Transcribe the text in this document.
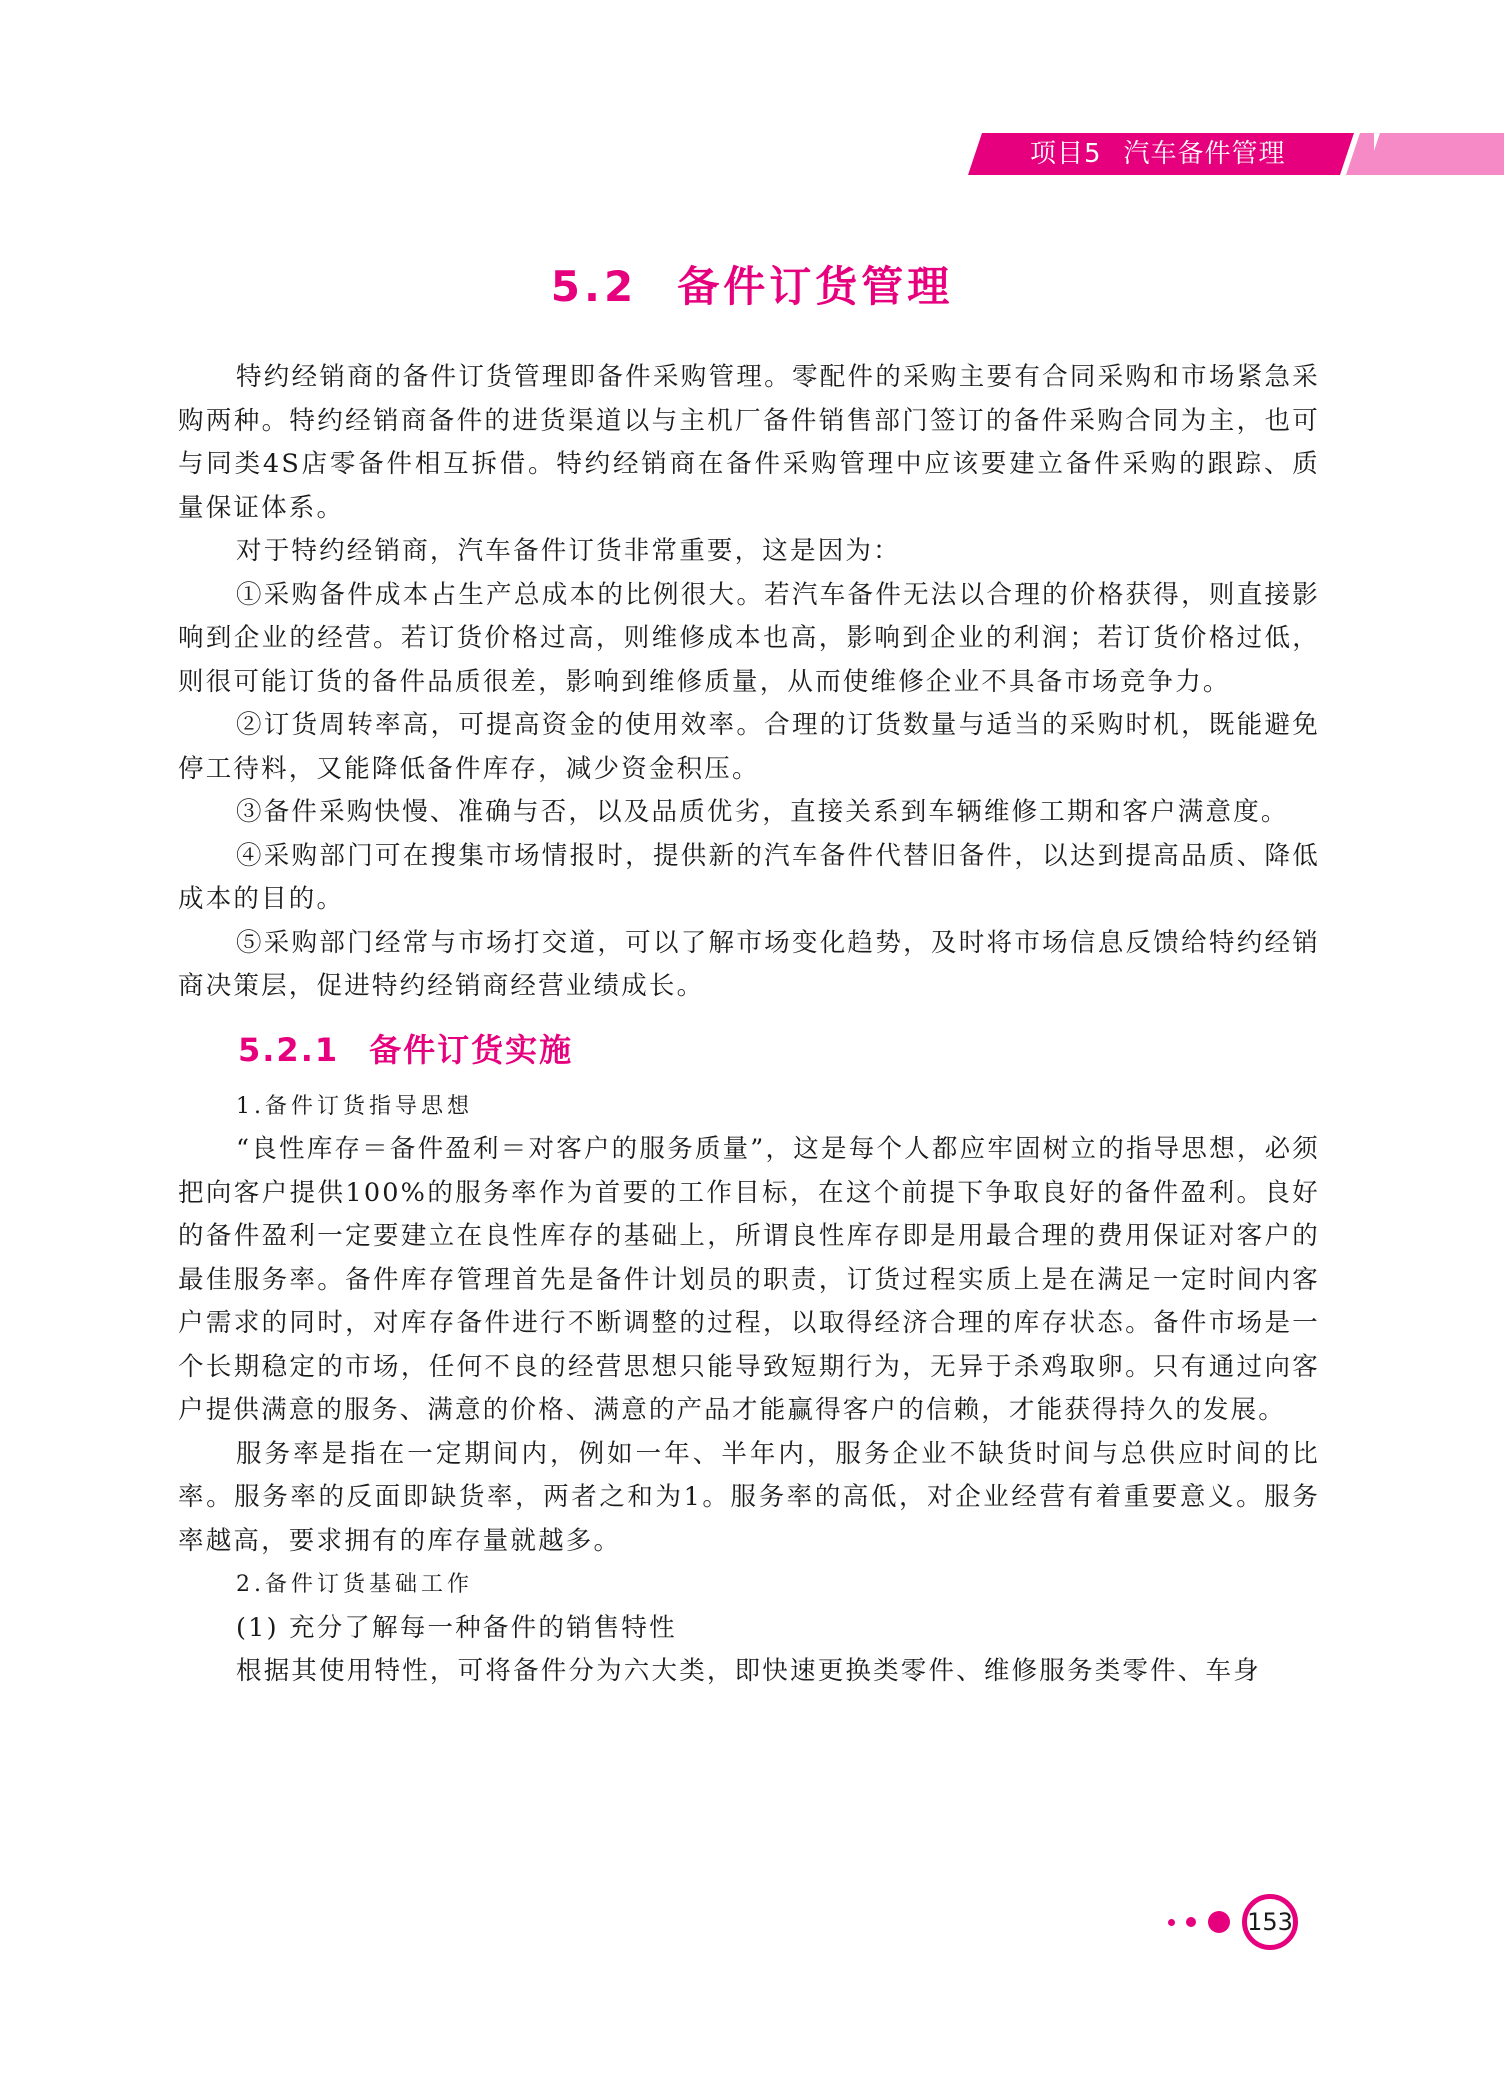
项目5 汽车备件管理
5.2 备件订货管理

特约经销商的备件订货管理即备件采购管理。零配件的采购主要有合同采购和市场紧急采购两种。特约经销商备件的进货渠道以与主机厂备件销售部门签订的备件采购合同为主，也可与同类4S店零备件相互拆借。特约经销商在备件采购管理中应该要建立备件采购的跟踪、质量保证体系。

对于特约经销商，汽车备件订货非常重要，这是因为：

①采购备件成本占生产总成本的比例很大。若汽车备件无法以合理的价格获得，则直接影响到企业的经营。若订货价格过高，则维修成本也高，影响到企业的利润；若订货价格过低，则很可能订货的备件品质很差，影响到维修质量，从而使维修企业不具备市场竞争力。

②订货周转率高，可提高资金的使用效率。合理的订货数量与适当的采购时机，既能避免停工待料，又能降低备件库存，减少资金积压。

③备件采购快慢、准确与否，以及品质优劣，直接关系到车辆维修工期和客户满意度。

④采购部门可在搜集市场情报时，提供新的汽车备件代替旧备件，以达到提高品质、降低成本的目的。

⑤采购部门经常与市场打交道，可以了解市场变化趋势，及时将市场信息反馈给特约经销商决策层，促进特约经销商经营业绩成长。

5.2.1 备件订货实施

1.备件订货指导思想

“良性库存＝备件盈利＝对客户的服务质量”，这是每个人都应牢固树立的指导思想，必须把向客户提供100%的服务率作为首要的工作目标，在这个前提下争取良好的备件盈利。良好的备件盈利一定要建立在良性库存的基础上，所谓良性库存即是用最合理的费用保证对客户的最佳服务率。备件库存管理首先是备件计划员的职责，订货过程实质上是在满足一定时间内客户需求的同时，对库存备件进行不断调整的过程，以取得经济合理的库存状态。备件市场是一个长期稳定的市场，任何不良的经营思想只能导致短期行为，无异于杀鸡取卵。只有通过向客户提供满意的服务、满意的价格、满意的产品才能赢得客户的信赖，才能获得持久的发展。

服务率是指在一定期间内，例如一年、半年内，服务企业不缺货时间与总供应时间的比率。服务率的反面即缺货率，两者之和为1。服务率的高低，对企业经营有着重要意义。服务率越高，要求拥有的库存量就越多。

2.备件订货基础工作

(1) 充分了解每一种备件的销售特性

根据其使用特性，可将备件分为六大类，即快速更换类零件、维修服务类零件、车身

153
